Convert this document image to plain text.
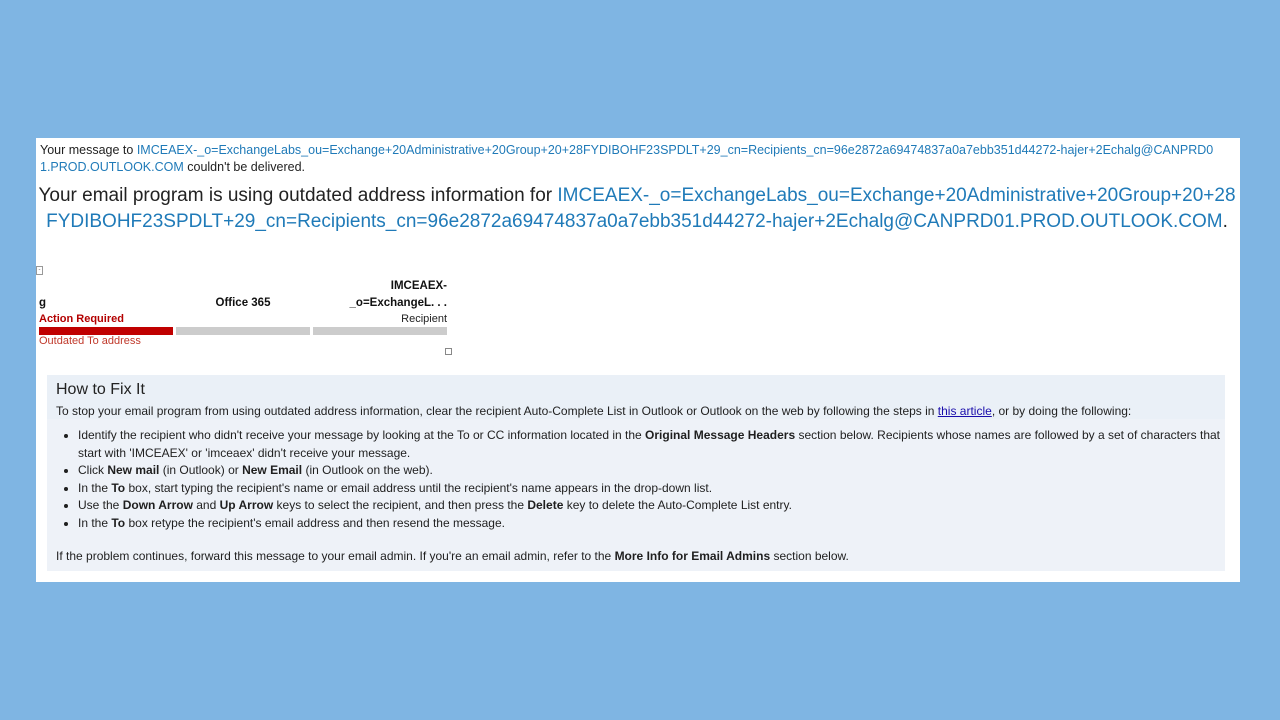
Your message to IMCEAEX-_o=ExchangeLabs_ou=Exchange+20Administrative+20Group+20+28FYDIBOHF23SPDLT+29_cn=Recipients_cn=96e2872a69474837a0a7ebb351d44272-hajer+2Echalg@CANPRD01.PROD.OUTLOOK.COM couldn't be delivered.
Your email program is using outdated address information for IMCEAEX-_o=ExchangeLabs_ou=Exchange+20Administrative+20Group+20+28FYDIBOHF23SPDLT+29_cn=Recipients_cn=96e2872a69474837a0a7ebb351d44272-hajer+2Echalg@CANPRD01.PROD.OUTLOOK.COM.
-
g
Action Required
Office 365
IMCEAEX-
_o=ExchangeL. . .
Recipient
Outdated To address
How to Fix It
To stop your email program from using outdated address information, clear the recipient Auto-Complete List in Outlook or Outlook on the web by following the steps in this article, or by doing the following:
• Identify the recipient who didn't receive your message by looking at the To or CC information located in the Original Message Headers section below. Recipients whose names are followed by a set of characters that start with 'IMCEAEX' or 'imceaex' didn't receive your message.
• Click New mail (in Outlook) or New Email (in Outlook on the web).
• In the To box, start typing the recipient's name or email address until the recipient's name appears in the drop-down list.
• Use the Down Arrow and Up Arrow keys to select the recipient, and then press the Delete key to delete the Auto-Complete List entry.
• In the To box retype the recipient's email address and then resend the message.
If the problem continues, forward this message to your email admin. If you're an email admin, refer to the More Info for Email Admins section below.
